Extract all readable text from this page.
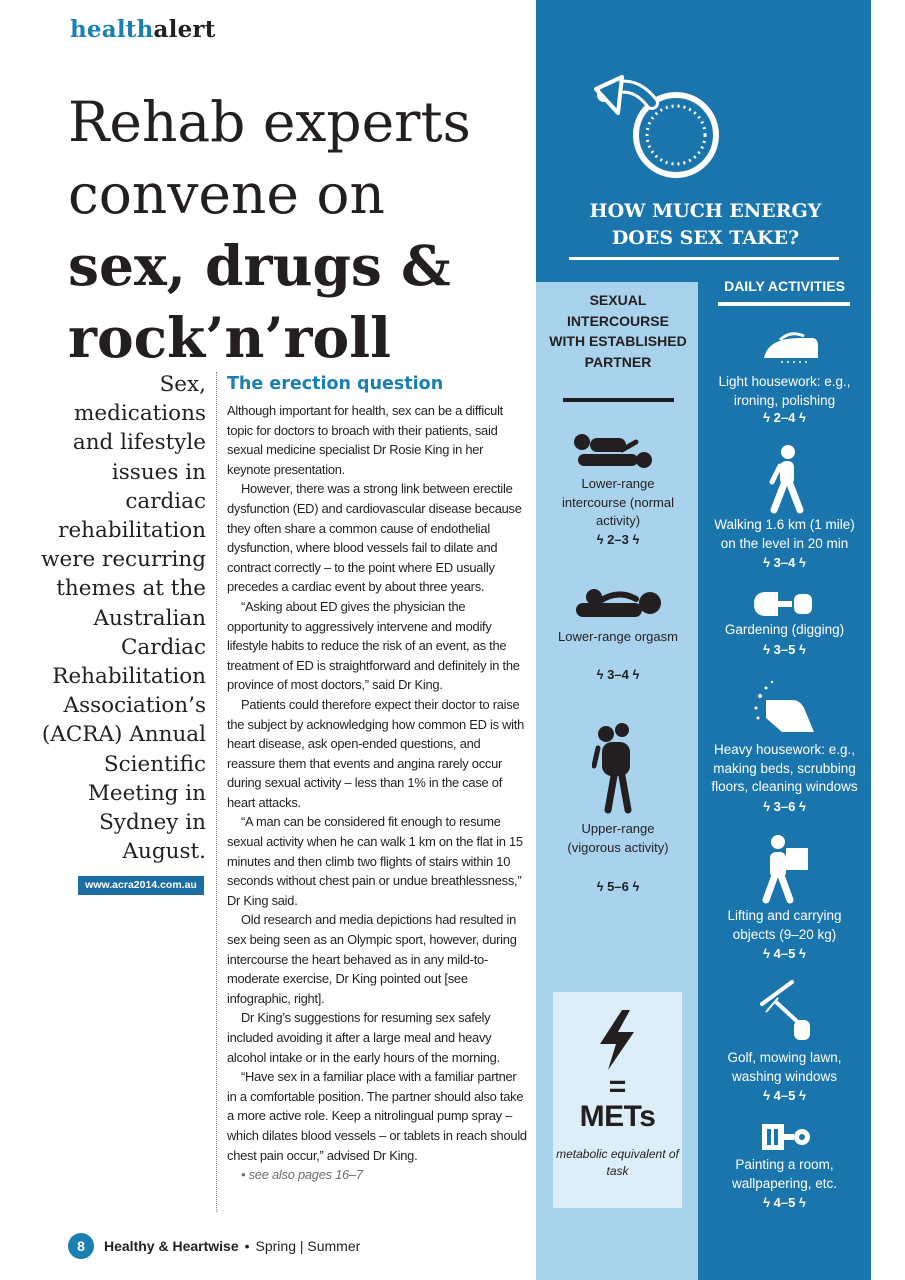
healthalert
Rehab experts
convene on
sex, drugs &
rock’n’roll
Sex, medications and lifestyle issues in cardiac rehabilitation were recurring themes at the Australian Cardiac Rehabilitation Association’s (ACRA) Annual Scientific Meeting in Sydney in August.
www.acra2014.com.au
The erection question

Although important for health, sex can be a difficult topic for doctors to broach with their patients, said sexual medicine specialist Dr Rosie King in her keynote presentation.

However, there was a strong link between erectile dysfunction (ED) and cardiovascular disease because they often share a common cause of endothelial dysfunction, where blood vessels fail to dilate and contract correctly – to the point where ED usually precedes a cardiac event by about three years.

“Asking about ED gives the physician the opportunity to aggressively intervene and modify lifestyle habits to reduce the risk of an event, as the treatment of ED is straightforward and definitely in the province of most doctors,” said Dr King.

Patients could therefore expect their doctor to raise the subject by acknowledging how common ED is with heart disease, ask open-ended questions, and reassure them that events and angina rarely occur during sexual activity – less than 1% in the case of heart attacks.

“A man can be considered fit enough to resume sexual activity when he can walk 1 km on the flat in 15 minutes and then climb two flights of stairs within 10 seconds without chest pain or undue breathlessness,” Dr King said.

Old research and media depictions had resulted in sex being seen as an Olympic sport, however, during intercourse the heart behaved as in any mild-to-moderate exercise, Dr King pointed out [see infographic, right].

Dr King’s suggestions for resuming sex safely included avoiding it after a large meal and heavy alcohol intake or in the early hours of the morning.

“Have sex in a familiar place with a familiar partner in a comfortable position. The partner should also take a more active role. Keep a nitrolingual pump spray – which dilates blood vessels – or tablets in reach should chest pain occur,” advised Dr King.

• see also pages 16–7

8	Healthy & Heartwise • Spring | Summer
HOW MUCH ENERGY
DOES SEX TAKE?
DAILY ACTIVITIES
SEXUAL INTERCOURSE WITH ESTABLISHED PARTNER
Lower-range intercourse (normal activity)
ϟ 2–3 ϟ
Lower-range orgasm
ϟ 3–4 ϟ
Upper-range (vigorous activity)
ϟ 5–6 ϟ
=
METs
metabolic equivalent of task
Light housework: e.g., ironing, polishing
ϟ 2–4 ϟ
Walking 1.6 km (1 mile) on the level in 20 min
ϟ 3–4 ϟ
Gardening (digging)
ϟ 3–5 ϟ
Heavy housework: e.g., making beds, scrubbing floors, cleaning windows
ϟ 3–6 ϟ
Lifting and carrying objects (9–20 kg)
ϟ 4–5 ϟ
Golf, mowing lawn, washing windows
ϟ 4–5 ϟ
Painting a room, wallpapering, etc.
ϟ 4–5 ϟ
